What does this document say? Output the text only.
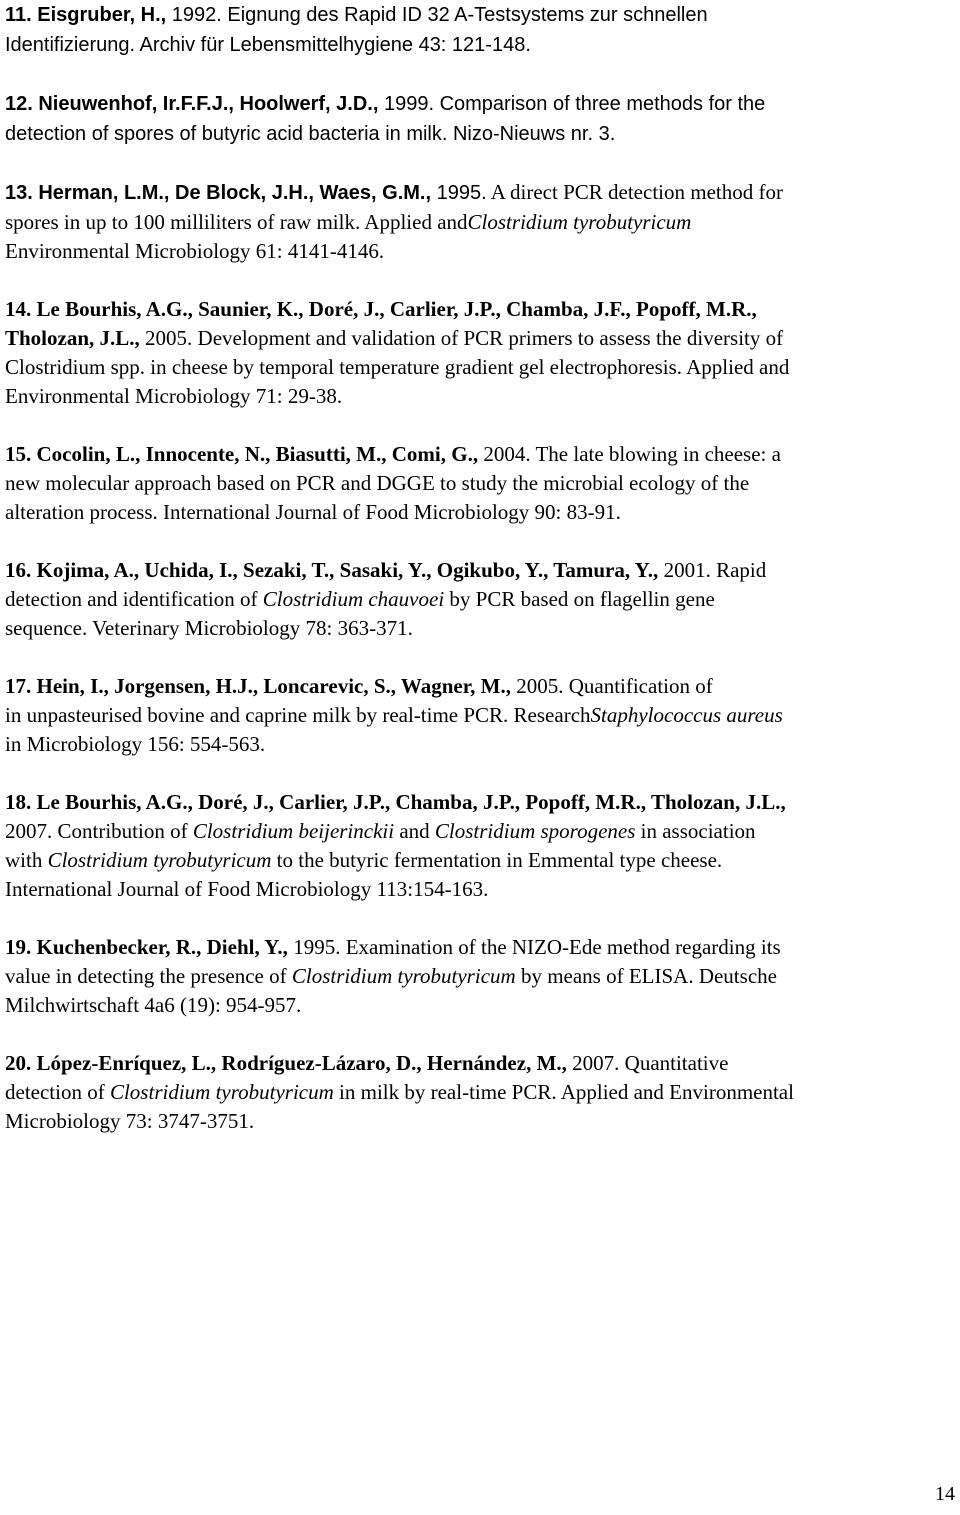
11. Eisgruber, H., 1992. Eignung des Rapid ID 32 A-Testsystems zur schnellen
Identifizierung. Archiv für Lebensmittelhygiene 43: 121-148.
12. Nieuwenhof, Ir.F.F.J., Hoolwerf, J.D., 1999. Comparison of three methods for the
detection of spores of butyric acid bacteria in milk. Nizo-Nieuws nr. 3.
13. Herman, L.M., De Block, J.H., Waes, G.M., 1995. A direct PCR detection method for
spores in up to 100 milliliters of raw milk. Applied andClostridium tyrobutyricum
Environmental Microbiology 61: 4141-4146.
14. Le Bourhis, A.G., Saunier, K., Doré, J., Carlier, J.P., Chamba, J.F., Popoff, M.R.,
Tholozan, J.L., 2005. Development and validation of PCR primers to assess the diversity of
Clostridium spp. in cheese by temporal temperature gradient gel electrophoresis. Applied and
Environmental Microbiology 71: 29-38.
15. Cocolin, L., Innocente, N., Biasutti, M., Comi, G., 2004. The late blowing in cheese: a
new molecular approach based on PCR and DGGE to study the microbial ecology of the
alteration process. International Journal of Food Microbiology 90: 83-91.
16. Kojima, A., Uchida, I., Sezaki, T., Sasaki, Y., Ogikubo, Y., Tamura, Y., 2001. Rapid
detection and identification of Clostridium chauvoei by PCR based on flagellin gene
sequence. Veterinary Microbiology 78: 363-371.
17. Hein, I., Jorgensen, H.J., Loncarevic, S., Wagner, M., 2005. Quantification of
in unpasteurised bovine and caprine milk by real-time PCR. ResearchStaphylococcus aureus
in Microbiology 156: 554-563.
18. Le Bourhis, A.G., Doré, J., Carlier, J.P., Chamba, J.P., Popoff, M.R., Tholozan, J.L.,
2007. Contribution of Clostridium beijerinckii and Clostridium sporogenes in association
with Clostridium tyrobutyricum to the butyric fermentation in Emmental type cheese.
International Journal of Food Microbiology 113:154-163.
19. Kuchenbecker, R., Diehl, Y., 1995. Examination of the NIZO-Ede method regarding its
value in detecting the presence of Clostridium tyrobutyricum by means of ELISA. Deutsche
Milchwirtschaft 4a6 (19): 954-957.
20. López-Enríquez, L., Rodríguez-Lázaro, D., Hernández, M., 2007. Quantitative
detection of Clostridium tyrobutyricum in milk by real-time PCR. Applied and Environmental
Microbiology 73: 3747-3751.
14
